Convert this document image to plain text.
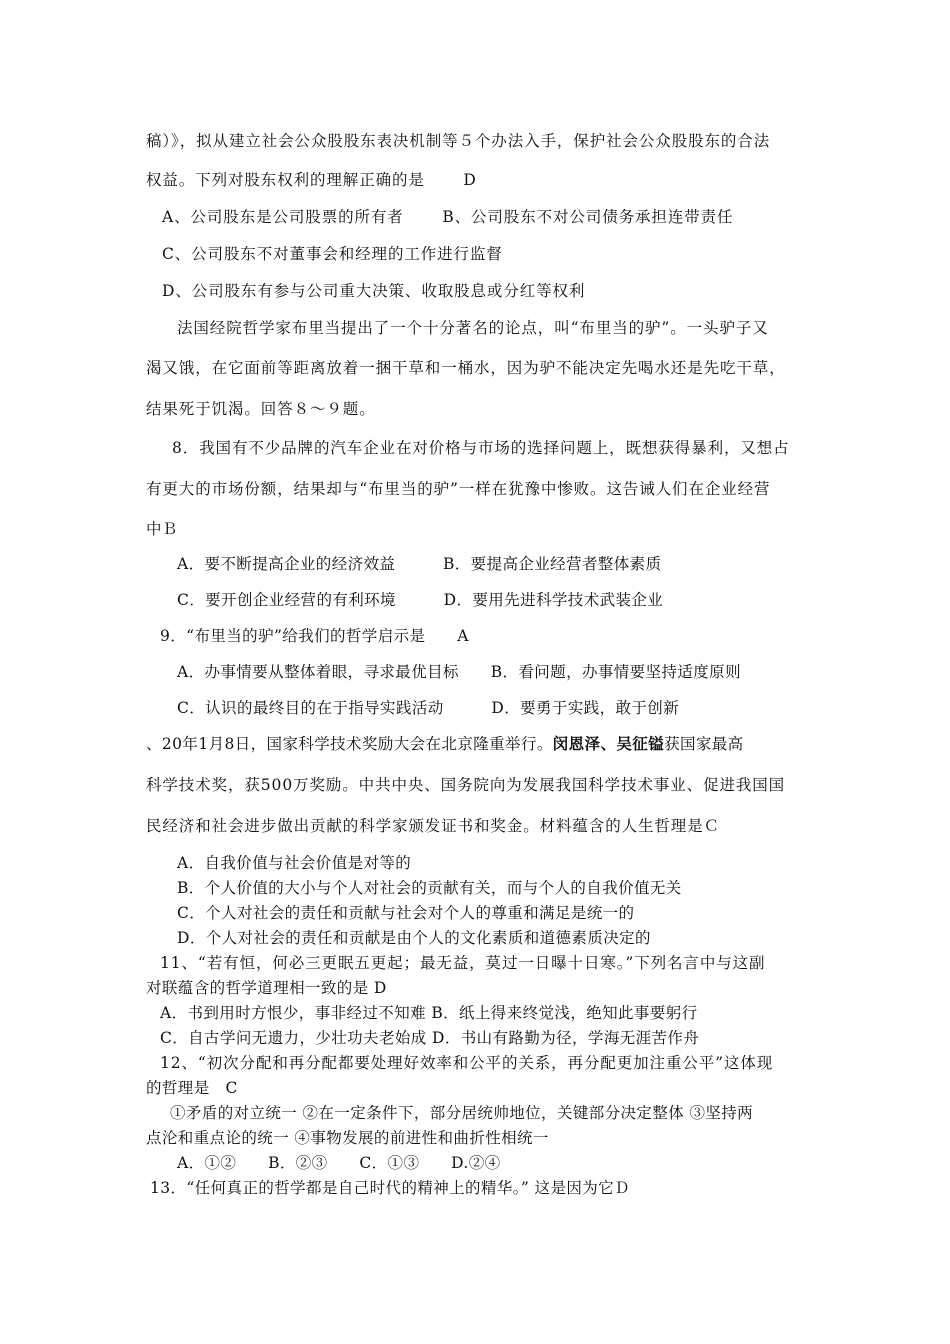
稿）》，拟从建立社会公众股股东表决机制等５个办法入手，保护社会公众股股东的合法
权益。下列对股东权利的理解正确的是　　 D
A、公司股东是公司股票的所有者　　 B、公司股东不对公司债务承担连带责任
C、公司股东不对董事会和经理的工作进行监督
D、公司股东有参与公司重大决策、收取股息或分红等权利
法国经院哲学家布里当提出了一个十分著名的论点，叫“布里当的驴”。一头驴子又
渴又饿，在它面前等距离放着一捆干草和一桶水，因为驴不能决定先喝水还是先吃干草，
结果死于饥渴。回答８～９题。
8．我国有不少品牌的汽车企业在对价格与市场的选择问题上，既想获得暴利，又想占
有更大的市场份额，结果却与“布里当的驴”一样在犹豫中惨败。这告诫人们在企业经营
中Ｂ
A．要不断提高企业的经济效益　　　B．要提高企业经营者整体素质
C．要开创企业经营的有利环境　　　D．要用先进科学技术武装企业
9．“布里当的驴”给我们的哲学启示是　　A
A．办事情要从整体着眼，寻求最优目标　　B．看问题，办事情要坚持适度原则
C．认识的最终目的在于指导实践活动　　　D．要勇于实践，敢于创新
、20年1月8日，国家科学技术奖励大会在北京隆重举行。闵恩泽、吴征镒获国家最高
科学技术奖，获500万奖励。中共中央、国务院向为发展我国科学技术事业、促进我国国
民经济和社会进步做出贡献的科学家颁发证书和奖金。材料蕴含的人生哲理是Ｃ
A．自我价值与社会价值是对等的
B．个人价值的大小与个人对社会的贡献有关，而与个人的自我价值无关
C．个人对社会的责任和贡献与社会对个人的尊重和满足是统一的
D．个人对社会的责任和贡献是由个人的文化素质和道德素质决定的
11、“若有恒，何必三更眠五更起；最无益，莫过一日曝十日寒。”下列名言中与这副
对联蕴含的哲学道理相一致的是 D
A．书到用时方恨少，事非经过不知难 B．纸上得来终觉浅，绝知此事要躬行
C．自古学问无遗力，少壮功夫老始成 D．书山有路勤为径，学海无涯苦作舟
12、“初次分配和再分配都要处理好效率和公平的关系，再分配更加注重公平”这体现
的哲理是　C
①矛盾的对立统一 ②在一定条件下，部分居统帅地位，关键部分决定整体 ③坚持两
点沦和重点论的统一 ④事物发展的前进性和曲折性相统一
A．①②　　B．②③　　C．①③　　D.②④
13．“任何真正的哲学都是自己时代的精神上的精华。” 这是因为它Ｄ
